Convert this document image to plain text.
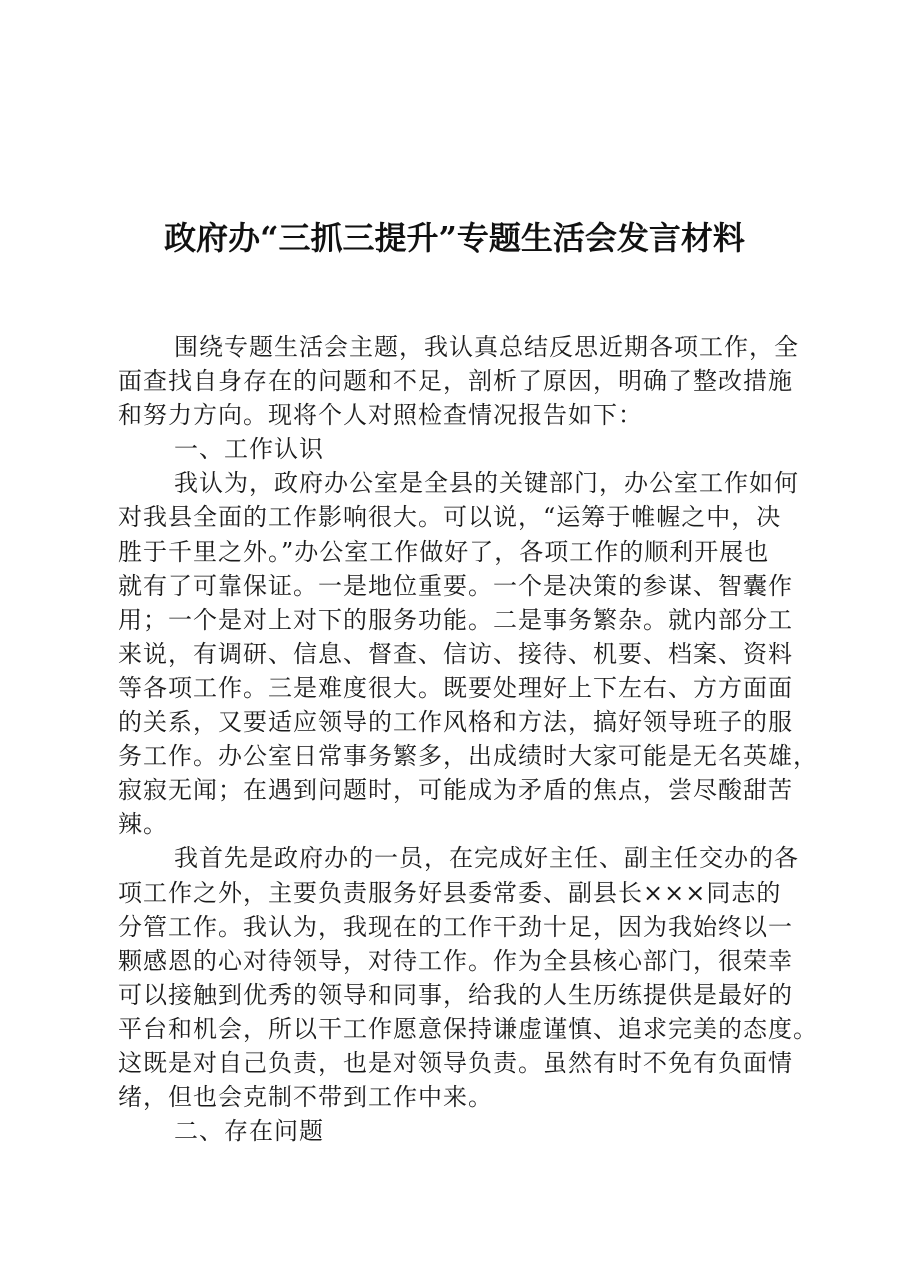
政府办“三抓三提升”专题生活会发言材料
围绕专题生活会主题，我认真总结反思近期各项工作，全
面查找自身存在的问题和不足，剖析了原因，明确了整改措施
和努力方向。现将个人对照检查情况报告如下：
一、工作认识
我认为，政府办公室是全县的关键部门，办公室工作如何
对我县全面的工作影响很大。可以说，“运筹于帷幄之中，决
胜于千里之外。”办公室工作做好了，各项工作的顺利开展也
就有了可靠保证。一是地位重要。一个是决策的参谋、智囊作
用；一个是对上对下的服务功能。二是事务繁杂。就内部分工
来说，有调研、信息、督查、信访、接待、机要、档案、资料
等各项工作。三是难度很大。既要处理好上下左右、方方面面
的关系，又要适应领导的工作风格和方法，搞好领导班子的服
务工作。办公室日常事务繁多，出成绩时大家可能是无名英雄，
寂寂无闻；在遇到问题时，可能成为矛盾的焦点，尝尽酸甜苦
辣。
我首先是政府办的一员，在完成好主任、副主任交办的各
项工作之外，主要负责服务好县委常委、副县长×××同志的
分管工作。我认为，我现在的工作干劲十足，因为我始终以一
颗感恩的心对待领导，对待工作。作为全县核心部门，很荣幸
可以接触到优秀的领导和同事，给我的人生历练提供是最好的
平台和机会，所以干工作愿意保持谦虚谨慎、追求完美的态度。
这既是对自己负责，也是对领导负责。虽然有时不免有负面情
绪，但也会克制不带到工作中来。
二、存在问题
